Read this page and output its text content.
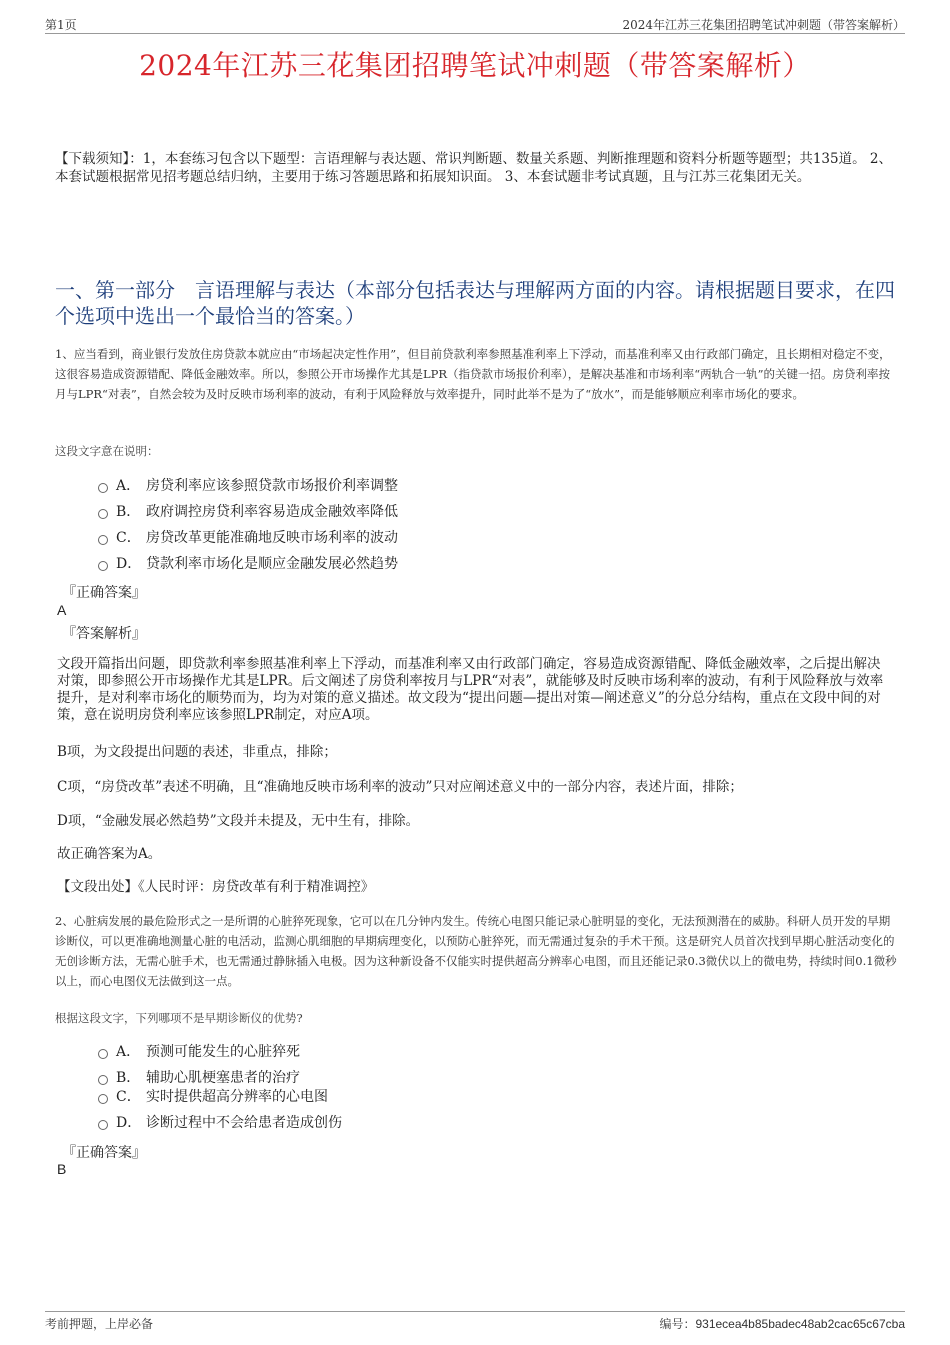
第1页	2024年江苏三花集团招聘笔试冲刺题（带答案解析）
2024年江苏三花集团招聘笔试冲刺题（带答案解析）
【下载须知】：1，本套练习包含以下题型：言语理解与表达题、常识判断题、数量关系题、判断推理题和资料分析题等题型；共135道。 2、本套试题根据常见招考题总结归纳，主要用于练习答题思路和拓展知识面。 3、本套试题非考试真题，且与江苏三花集团无关。
一、第一部分　言语理解与表达（本部分包括表达与理解两方面的内容。请根据题目要求，在四个选项中选出一个最恰当的答案。）
1、应当看到，商业银行发放住房贷款本就应由“市场起决定性作用”，但目前贷款利率参照基准利率上下浮动，而基准利率又由行政部门确定，且长期相对稳定不变，这很容易造成资源错配、降低金融效率。所以，参照公开市场操作尤其是LPR（指贷款市场报价利率），是解决基准和市场利率“两轨合一轨”的关键一招。房贷利率按月与LPR“对表”，自然会较为及时反映市场利率的波动，有利于风险释放与效率提升，同时此举不是为了“放水”，而是能够顺应利率市场化的要求。
这段文字意在说明：
A． 房贷利率应该参照贷款市场报价利率调整
B． 政府调控房贷利率容易造成金融效率降低
C． 房贷改革更能准确地反映市场利率的波动
D． 贷款利率市场化是顺应金融发展必然趋势
『正确答案』
A
『答案解析』
文段开篇指出问题，即贷款利率参照基准利率上下浮动，而基准利率又由行政部门确定，容易造成资源错配、降低金融效率，之后提出解决对策，即参照公开市场操作尤其是LPR。后文阐述了房贷利率按月与LPR“对表”，就能够及时反映市场利率的波动，有利于风险释放与效率提升，是对利率市场化的顺势而为，均为对策的意义描述。故文段为“提出问题—提出对策—阐述意义”的分总分结构，重点在文段中间的对策，意在说明房贷利率应该参照LPR制定，对应A项。
B项，为文段提出问题的表述，非重点，排除；
C项，“房贷改革”表述不明确，且“准确地反映市场利率的波动”只对应阐述意义中的一部分内容，表述片面，排除；
D项，“金融发展必然趋势”文段并未提及，无中生有，排除。
故正确答案为A。
【文段出处】《人民时评：房贷改革有利于精准调控》
2、心脏病发展的最危险形式之一是所谓的心脏猝死现象，它可以在几分钟内发生。传统心电图只能记录心脏明显的变化，无法预测潜在的威胁。科研人员开发的早期诊断仪，可以更准确地测量心脏的电活动，监测心肌细胞的早期病理变化，以预防心脏猝死，而无需通过复杂的手术干预。这是研究人员首次找到早期心脏活动变化的无创诊断方法，无需心脏手术，也无需通过静脉插入电极。因为这种新设备不仅能实时提供超高分辨率心电图，而且还能记录0.3微伏以上的微电势，持续时间0.1微秒以上，而心电图仪无法做到这一点。
根据这段文字，下列哪项不是早期诊断仪的优势?
A． 预测可能发生的心脏猝死
B． 辅助心肌梗塞患者的治疗
C． 实时提供超高分辨率的心电图
D． 诊断过程中不会给患者造成创伤
『正确答案』
B
考前押题，上岸必备	编号：931ecea4b85badec48ab2cac65c67cba
